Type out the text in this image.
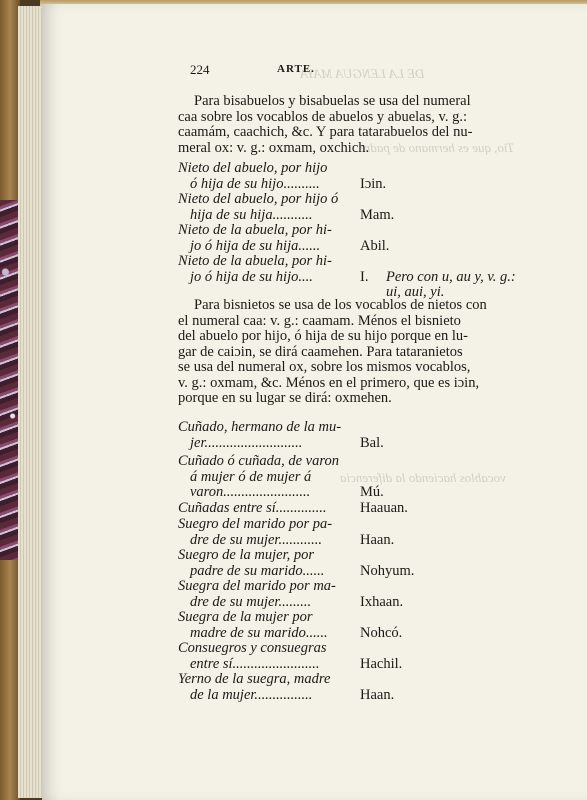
DE LA LENGUA MAYA
Tio, que es hermano de padre
vocablos haciendo la diferencia
224	ARTE.
Para bisabuelos y bisabuelas se usa del numeral
caa sobre los vocablos de abuelos y abuelas, v. g.:
caamám, caachich, &c. Y para tatarabuelos del nu-
meral ox: v. g.: oxmam, oxchich.
Nieto del abuelo, por hijo
ó hija de su hijo..........	Iɔin.
Nieto del abuelo, por hijo ó
hija de su hija...........	Mam.
Nieto de la abuela, por hi-
jo ó hija de su hija......	Abil.
Nieto de la abuela, por hi-
jo ó hija de su hijo....	I. Pero con u, au y, v. g.:
ui, aui, yi.
Para bisnietos se usa de los vocablos de nietos con
el numeral caa: v. g.: caamam. Ménos el bisnieto
del abuelo por hijo, ó hija de su hijo porque en lu-
gar de caiɔin, se dirá caamehen. Para tataranietos
se usa del numeral ox, sobre los mismos vocablos,
v. g.: oxmam, &c. Ménos en el primero, que es iɔin,
porque en su lugar se dirá: oxmehen.
Cuñado, hermano de la mu-
jer...........................	Bal.
Cuñado ó cuñada, de varon
á mujer ó de mujer á
varon........................	Mú.
Cuñadas entre sí.............. Haauan.
Suegro del marido por pa-
dre de su mujer............	Haan.
Suegro de la mujer, por
padre de su marido...... Nohyum.
Suegra del marido por ma-
dre de su mujer.........	Ixhaan.
Suegra de la mujer por
madre de su marido...... Nohcó.
Consuegros y consuegras
entre sí........................	Hachil.
Yerno de la suegra, madre
de la mujer................	Haan.
